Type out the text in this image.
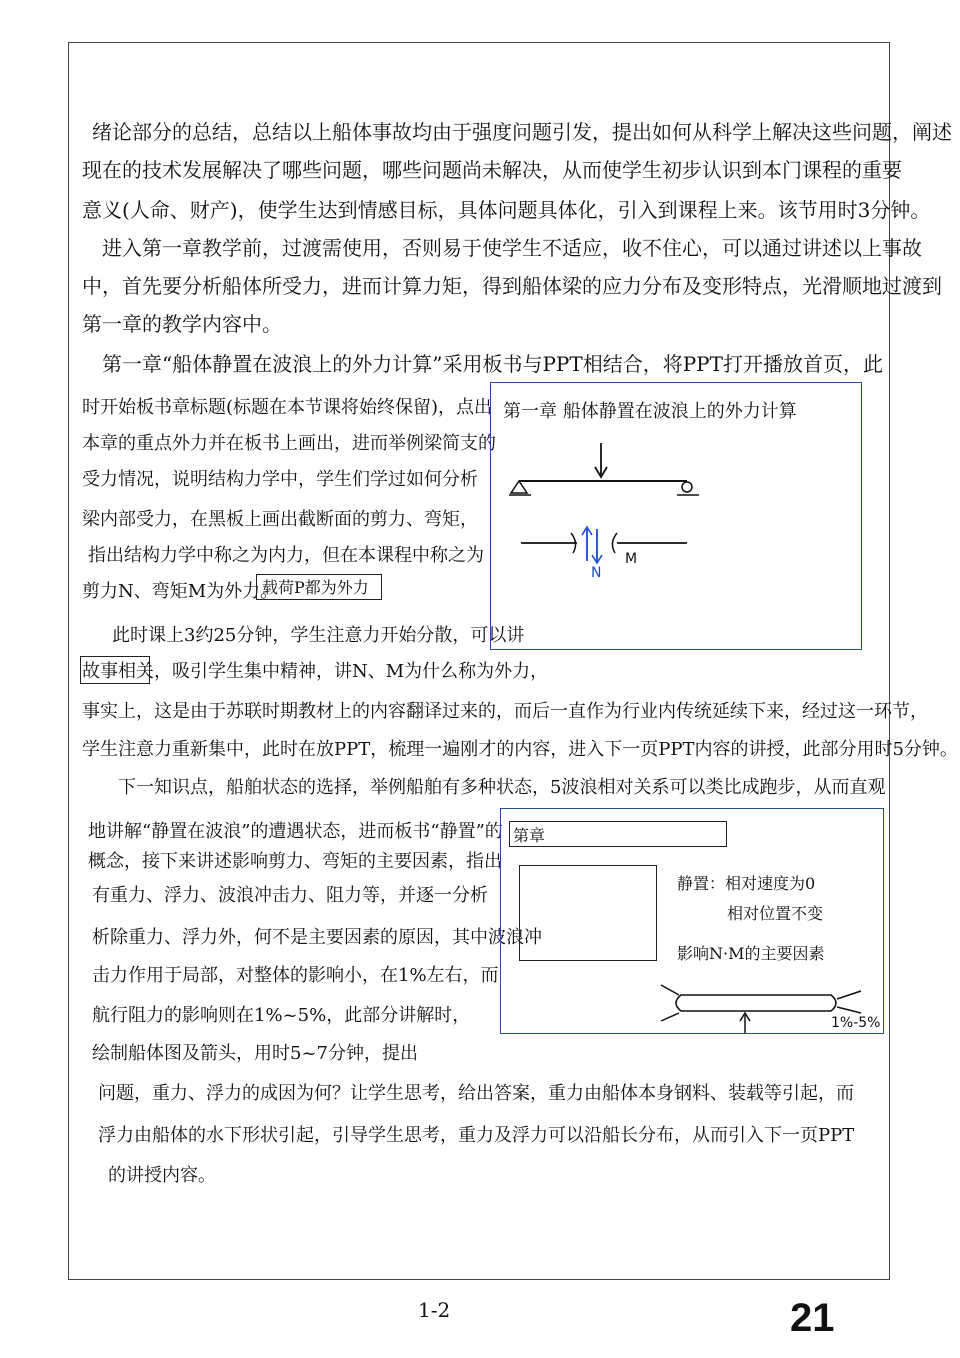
绪论部分的总结，总结以上船体事故均由于强度问题引发，提出如何从科学上解决这些问题，阐述
现在的技术发展解决了哪些问题，哪些问题尚未解决，从而使学生初步认识到本门课程的重要
意义(人命、财产)，使学生达到情感目标，具体问题具体化，引入到课程上来。该节用时3分钟。
进入第一章教学前，过渡需使用，否则易于使学生不适应，收不住心，可以通过讲述以上事故
中，首先要分析船体所受力，进而计算力矩，得到船体梁的应力分布及变形特点，光滑顺地过渡到
第一章的教学内容中。
第一章“船体静置在波浪上的外力计算”采用板书与PPT相结合，将PPT打开播放首页，此
时开始板书章标题(标题在本节课将始终保留)，点出
本章的重点外力并在板书上画出，进而举例梁简支的
受力情况，说明结构力学中，学生们学过如何分析
梁内部受力，在黑板上画出截断面的剪力、弯矩，
指出结构力学中称之为内力，但在本课程中称之为
剪力N、弯矩M为外力。
载荷P都为外力
此时课上3约25分钟，学生注意力开始分散，可以讲
故事相关，吸引学生集中精神，讲N、M为什么称为外力，
事实上，这是由于苏联时期教材上的内容翻译过来的，而后一直作为行业内传统延续下来，经过这一环节，
学生注意力重新集中，此时在放PPT，梳理一遍刚才的内容，进入下一页PPT内容的讲授，此部分用时5分钟。
下一知识点，船舶状态的选择，举例船舶有多种状态，5波浪相对关系可以类比成跑步，从而直观
地讲解“静置在波浪”的遭遇状态，进而板书“静置”的
概念，接下来讲述影响剪力、弯矩的主要因素，指出
有重力、浮力、波浪冲击力、阻力等，并逐一分析
析除重力、浮力外，何不是主要因素的原因，其中波浪冲
击力作用于局部，对整体的影响小，在1%左右，而
航行阻力的影响则在1%~5%，此部分讲解时，
绘制船体图及箭头，用时5~7分钟，提出
问题，重力、浮力的成因为何？让学生思考，给出答案，重力由船体本身钢料、装载等引起，而
浮力由船体的水下形状引起，引导学生思考，重力及浮力可以沿船长分布，从而引入下一页PPT
的讲授内容。
第一章 船体静置在波浪上的外力计算
N
M
第章
静置：相对速度为0
相对位置不变
影响N·M的主要因素
1%-5%
1-2	21
